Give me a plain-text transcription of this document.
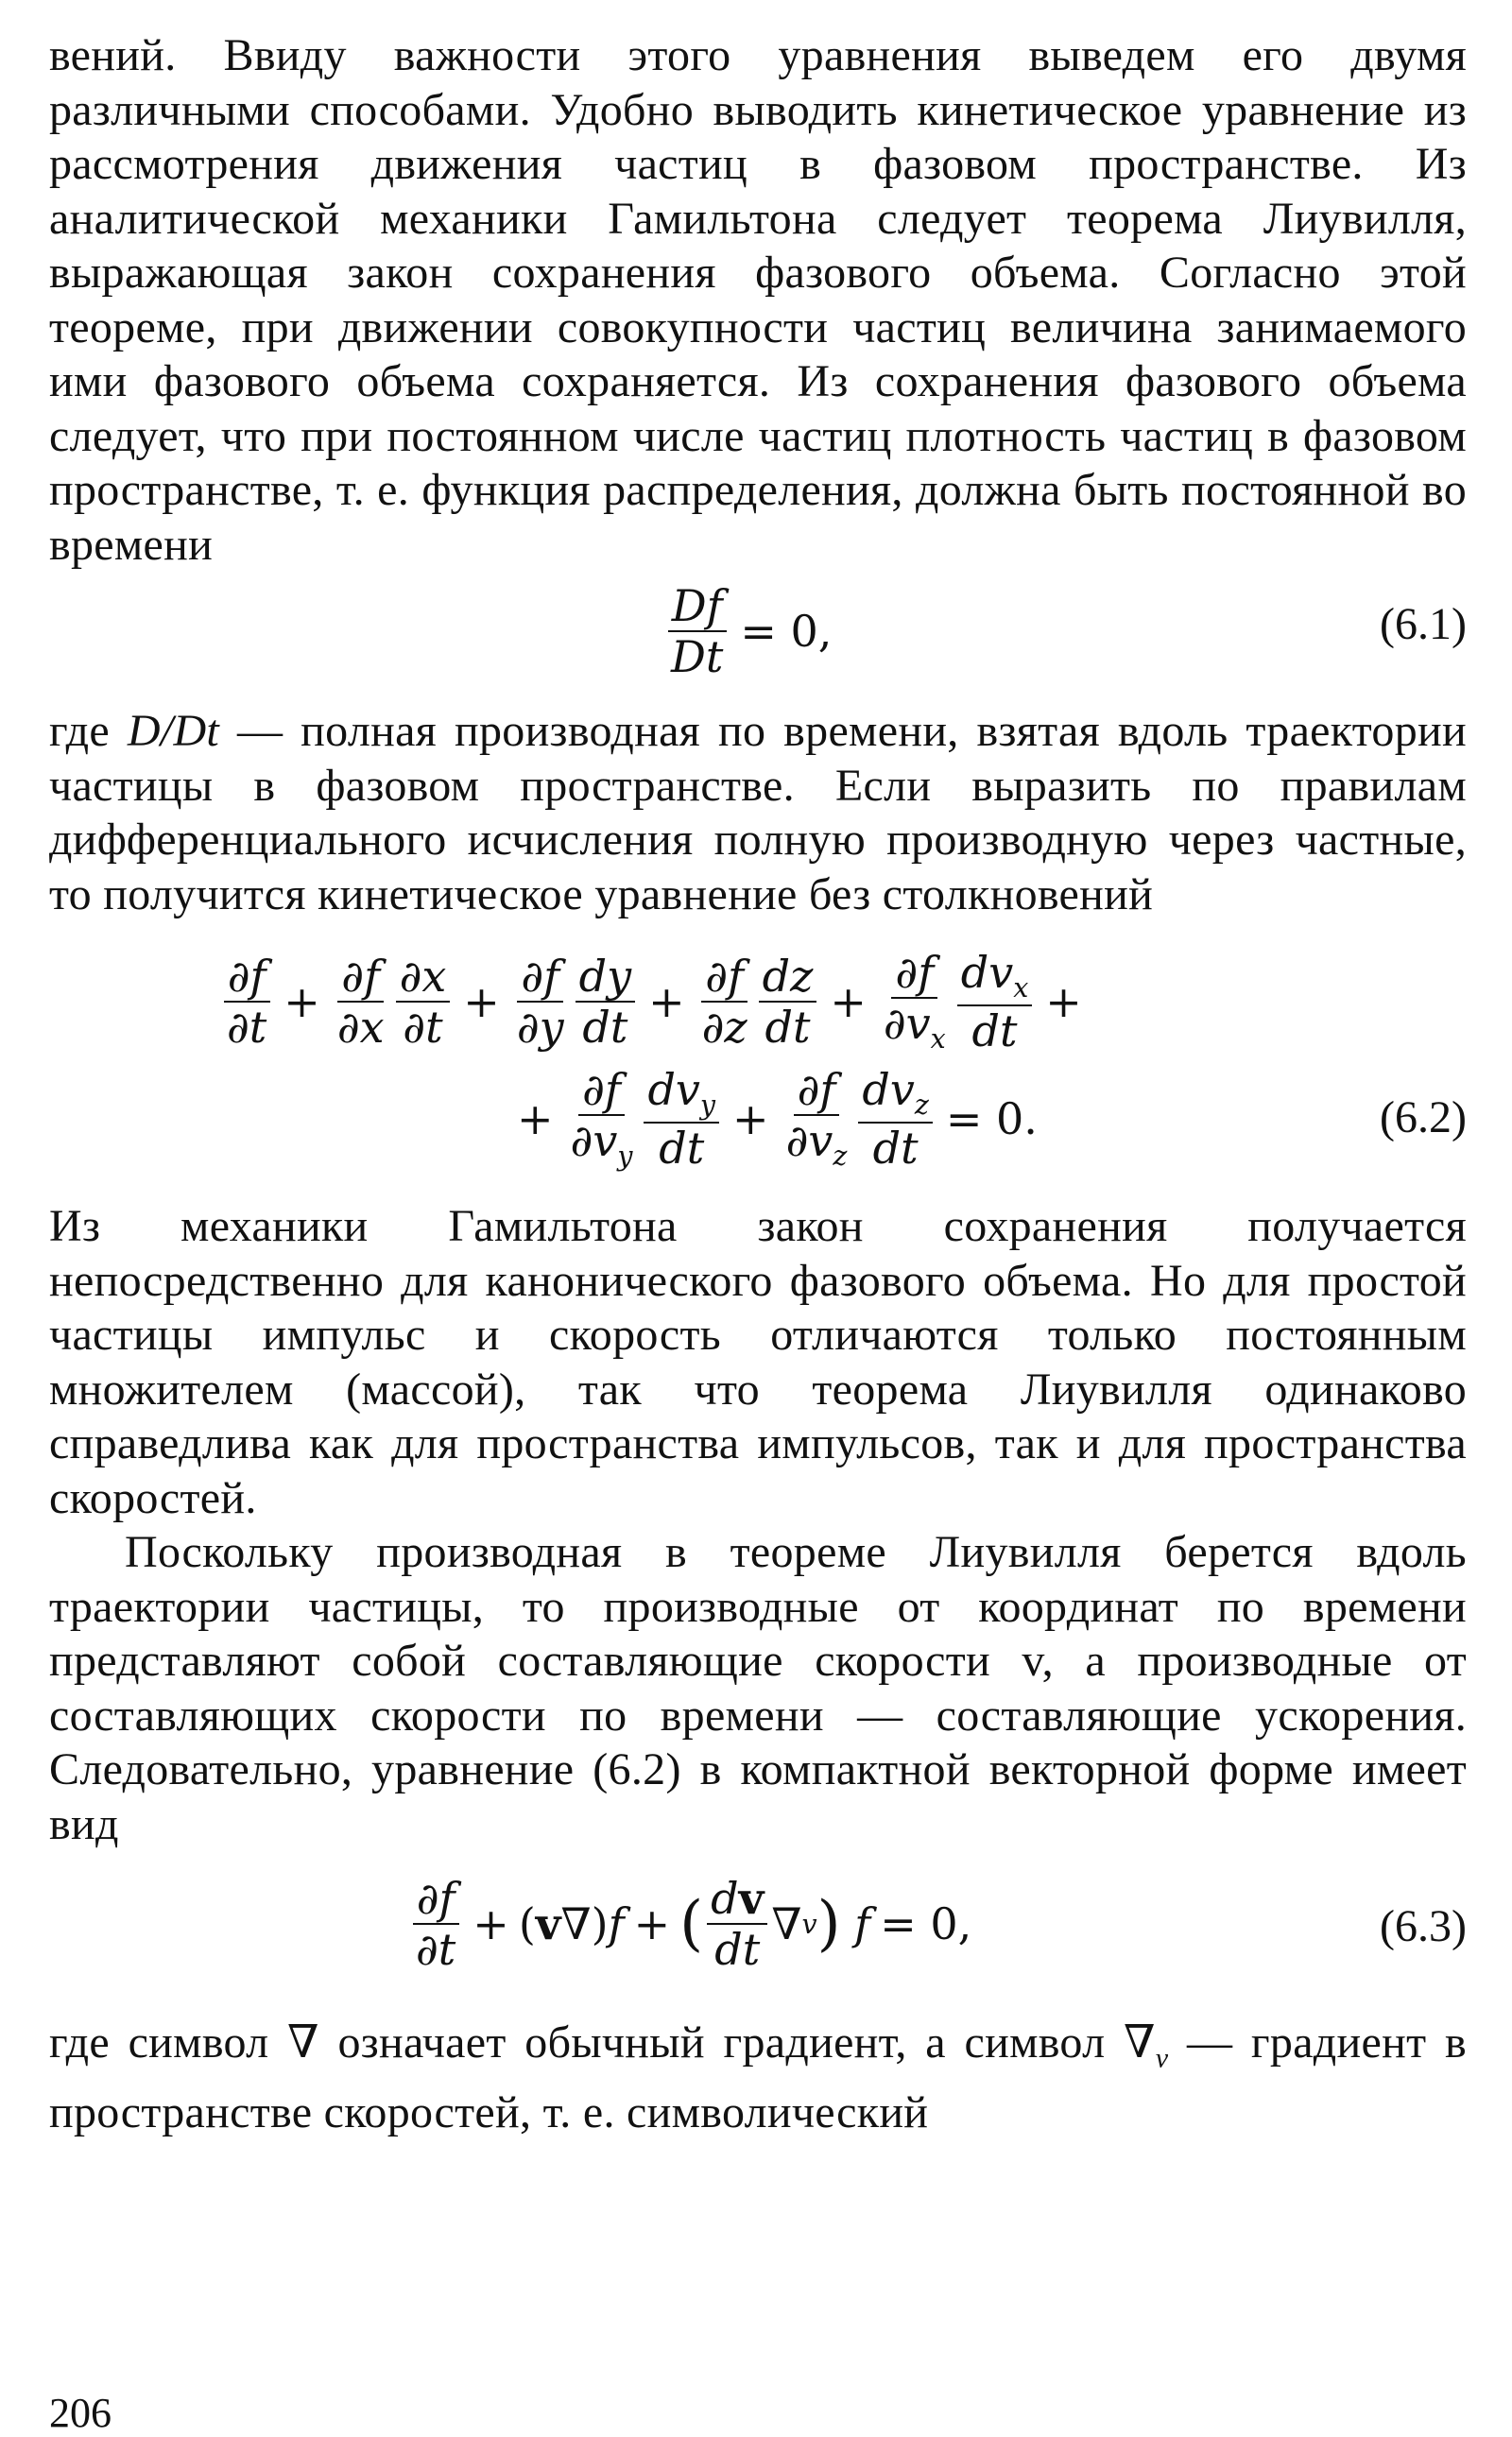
вений. Ввиду важности этого уравнения выведем его двумя различными способами. Удобно выводить кинетическое уравнение из рассмотрения движения частиц в фазовом пространстве. Из аналитической механики Гамильтона следует теорема Лиувилля, выражающая закон сохранения фазового объема. Согласно этой теореме, при движении совокупности частиц величина занимаемого ими фазового объема сохраняется. Из сохранения фазового объема следует, что при постоянном числе частиц плотность частиц в фазовом пространстве, т. е. функция распределения, должна быть постоянной во времени

$\frac{Df}{Dt} = 0$,	(6.1)

где D/Dt — полная производная по времени, взятая вдоль траектории частицы в фазовом пространстве. Если выразить по правилам дифференциального исчисления полную производную через частные, то получится кинетическое уравнение без столкновений

$\frac{\partial f}{\partial t} + \frac{\partial f}{\partial x} \frac{\partial x}{\partial t} + \frac{\partial f}{\partial y} \frac{dy}{dt} + \frac{\partial f}{\partial z} \frac{dz}{dt} + \frac{\partial f}{\partial v_x} \frac{dv_x}{dt}$ +
+ $\frac{\partial f}{\partial v_y} \frac{dv_y}{dt} + \frac{\partial f}{\partial v_z} \frac{dv_z}{dt} = 0$.	(6.2)

Из механики Гамильтона закон сохранения получается непосредственно для канонического фазового объема. Но для простой частицы импульс и скорость отличаются только постоянным множителем (массой), так что теорема Лиувилля одинаково справедлива как для пространства импульсов, так и для пространства скоростей.

Поскольку производная в теореме Лиувилля берется вдоль траектории частицы, то производные от координат по времени представляют собой составляющие скорости v, а производные от составляющих скорости по времени — составляющие ускорения. Следовательно, уравнение (6.2) в компактной векторной форме имеет вид

$\frac{\partial f}{\partial t}$ + ( v ∇) f + ( $\frac{dv}{dt}$ ∇ v ) f = 0,	(6.3)

где символ ∇ означает обычный градиент, а символ $\nabla_v$ — градиент в пространстве скоростей, т. е. символический

206
